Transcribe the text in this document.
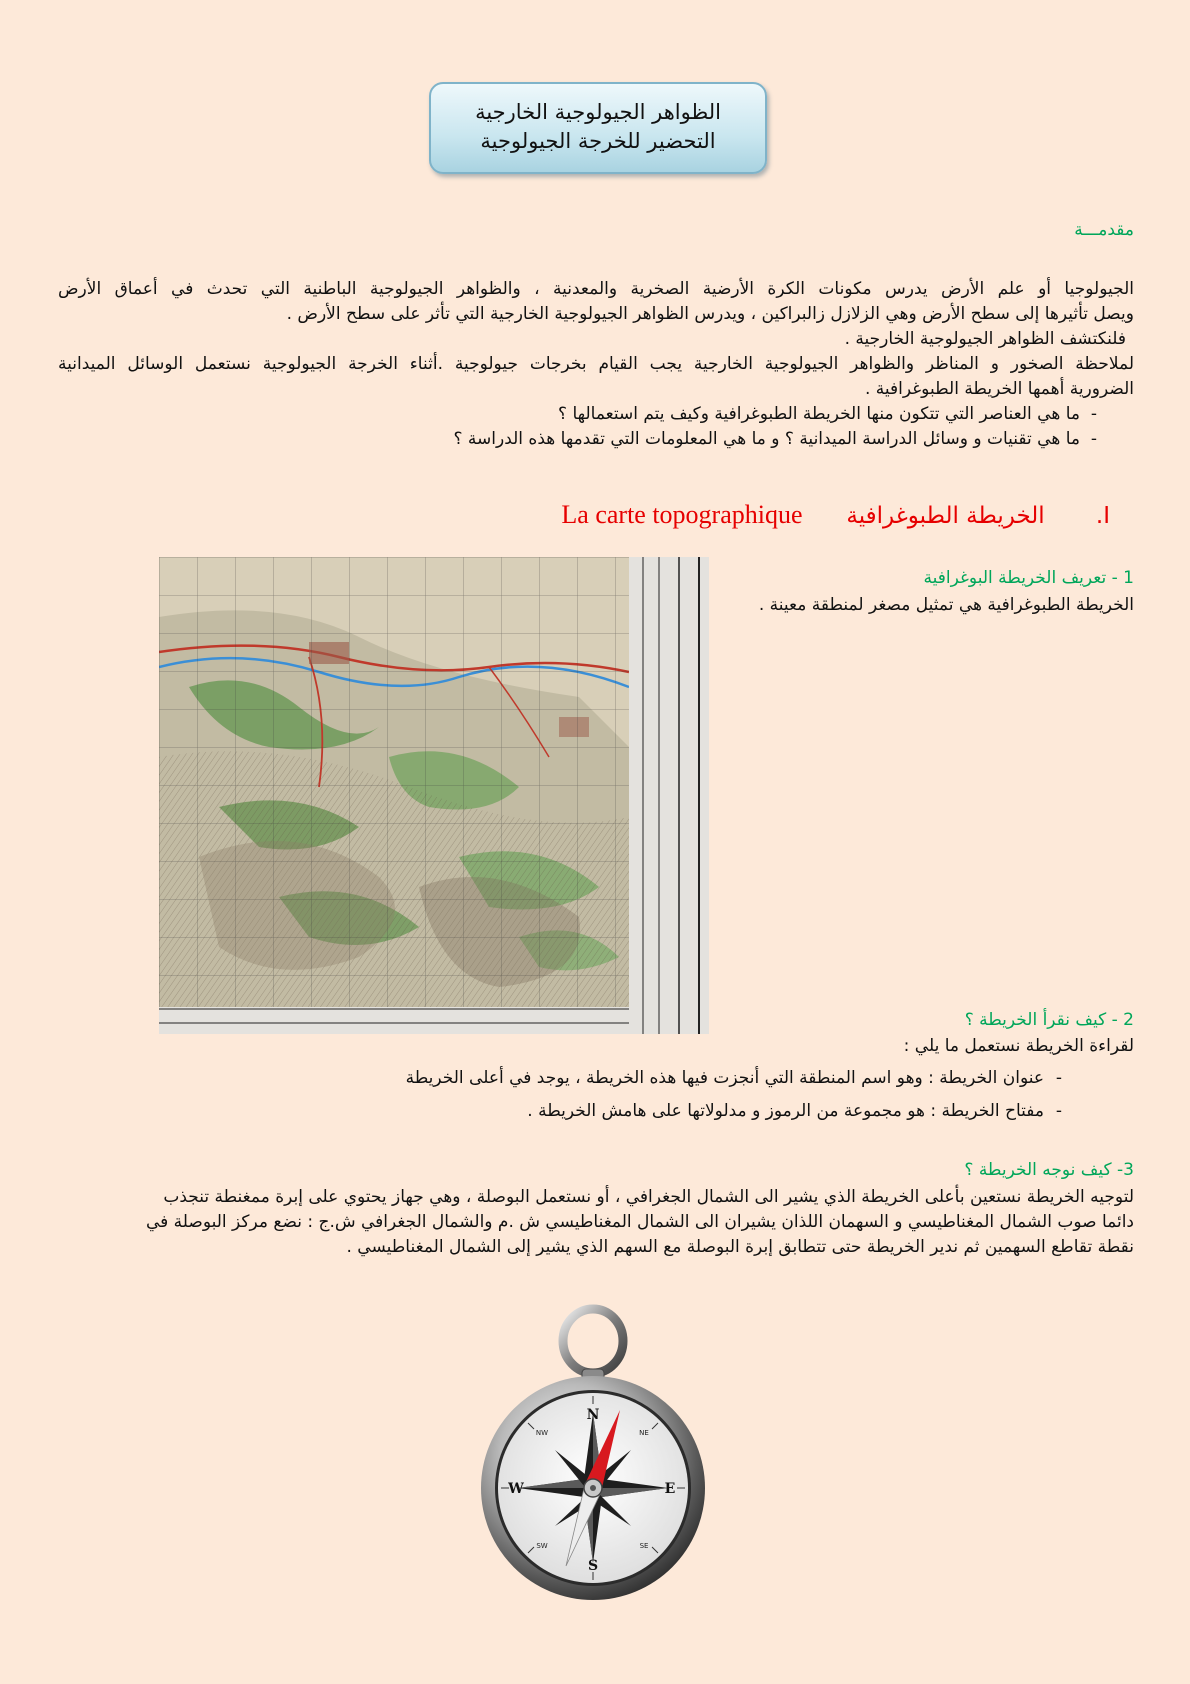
الظواهر الجيولوجية الخارجية
التحضير للخرجة الجيولوجية
مقدمـــة
الجيولوجيا أو علم الأرض يدرس مكونات الكرة الأرضية الصخرية والمعدنية ، والظواهر الجيولوجية الباطنية التي تحدث في أعماق الأرض
ويصل تأثيرها إلى سطح الأرض وهي الزلازل زالبراكين ، ويدرس الظواهر الجيولوجية الخارجية التي تأثر على سطح الأرض .
فلنكتشف الظواهر الجيولوجية الخارجية .
لملاحظة الصخور و المناظر والظواهر الجيولوجية الخارجية يجب القيام بخرجات جيولوجية .أثناء الخرجة الجيولوجية نستعمل الوسائل الميدانية
الضرورية أهمها الخريطة الطبوغرافية .
-ما هي العناصر التي تتكون منها الخريطة الطبوغرافية وكيف يتم استعمالها ؟
-ما هي تقنيات و وسائل الدراسة الميدانية ؟ و ما هي المعلومات التي تقدمها هذه الدراسة ؟
I.       الخريطة الطبوغرافية      La carte topographique
1 - تعريف الخريطة البوغرافية
الخريطة الطبوغرافية هي تمثيل مصغر لمنطقة معينة .
2 - كيف نقرأ الخريطة ؟
لقراءة الخريطة نستعمل ما يلي :
-عنوان الخريطة : وهو اسم المنطقة التي أنجزت فيها هذه الخريطة ، يوجد في أعلى الخريطة
-مفتاح الخريطة : هو مجموعة من الرموز و مدلولاتها على هامش الخريطة .
3- كيف نوجه الخريطة ؟
لتوجيه الخريطة نستعين بأعلى الخريطة الذي يشير الى الشمال الجغرافي ، أو نستعمل البوصلة ، وهي جهاز يحتوي على إبرة ممغنطة تنجذب
دائما صوب الشمال المغناطيسي و السهمان اللذان يشيران الى الشمال المغناطيسي ش .م والشمال الجغرافي ش.ج : نضع مركز البوصلة في
نقطة تقاطع السهمين ثم ندير الخريطة حتى تتطابق إبرة البوصلة مع السهم الذي يشير إلى الشمال المغناطيسي .
N
S
E
W
NW	NE
SW	SE
